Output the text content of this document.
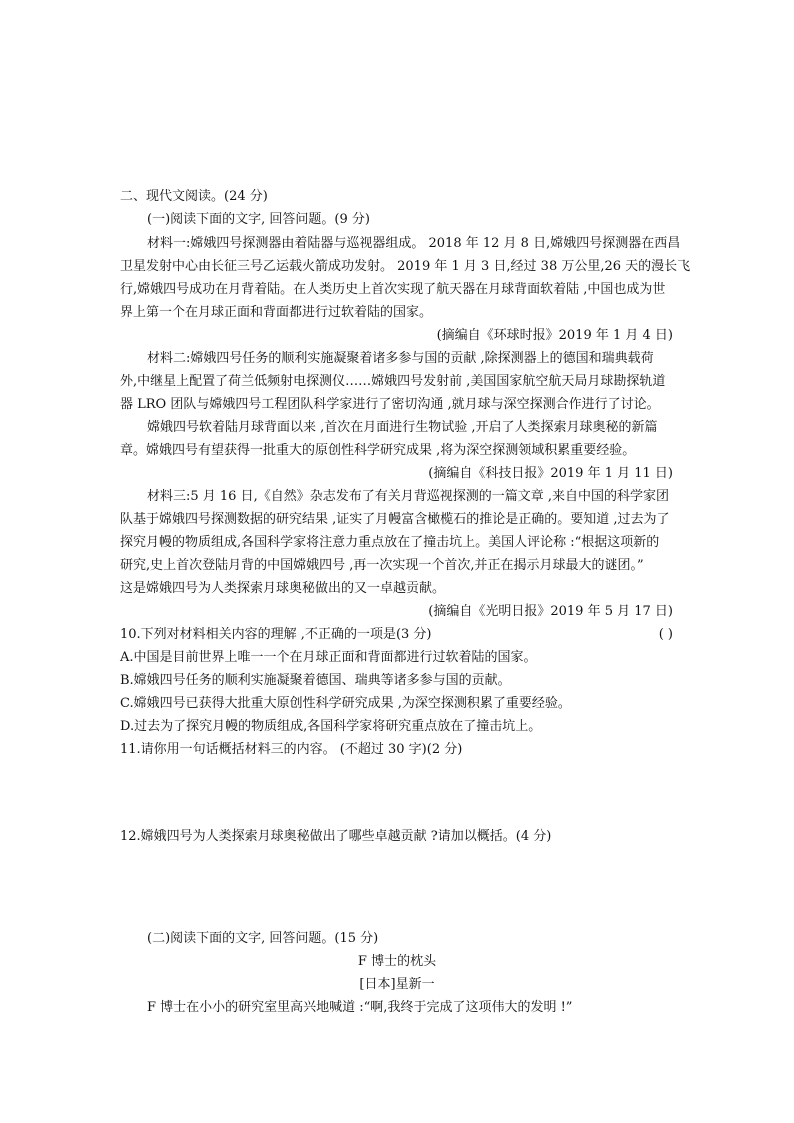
二、现代文阅读。(24 分)
(一)阅读下面的文字, 回答问题。(9 分)
材料一:嫦娥四号探测器由着陆器与巡视器组成。 2018 年 12 月 8 日,嫦娥四号探测器在西昌
卫星发射中心由长征三号乙运载火箭成功发射。 2019 年 1 月 3 日,经过 38 万公里,26 天的漫长飞
行,嫦娥四号成功在月背着陆。在人类历史上首次实现了航天器在月球背面软着陆 ,中国也成为世
界上第一个在月球正面和背面都进行过软着陆的国家。
(摘编自《环球时报》2019 年 1 月 4 日)
材料二:嫦娥四号任务的顺利实施凝聚着诸多参与国的贡献 ,除探测器上的德国和瑞典载荷
外,中继星上配置了荷兰低频射电探测仪……嫦娥四号发射前 ,美国国家航空航天局月球勘探轨道
器 LRO 团队与嫦娥四号工程团队科学家进行了密切沟通 ,就月球与深空探测合作进行了讨论。
嫦娥四号软着陆月球背面以来 ,首次在月面进行生物试验 ,开启了人类探索月球奥秘的新篇
章。嫦娥四号有望获得一批重大的原创性科学研究成果 ,将为深空探测领域积累重要经验。
(摘编自《科技日报》2019 年 1 月 11 日)
材料三:5 月 16 日,《自然》杂志发布了有关月背巡视探测的一篇文章 ,来自中国的科学家团
队基于嫦娥四号探测数据的研究结果 ,证实了月幔富含橄榄石的推论是正确的。要知道 ,过去为了
探究月幔的物质组成,各国科学家将注意力重点放在了撞击坑上。美国人评论称 :“根据这项新的
研究,史上首次登陆月背的中国嫦娥四号 ,再一次实现一个首次,并正在揭示月球最大的谜团。”
这是嫦娥四号为人类探索月球奥秘做出的又一卓越贡献。
(摘编自《光明日报》2019 年 5 月 17 日)
10.下列对材料相关内容的理解 ,不正确的一项是(3 分)	( )
A.中国是目前世界上唯一一个在月球正面和背面都进行过软着陆的国家。
B.嫦娥四号任务的顺利实施凝聚着德国、瑞典等诸多参与国的贡献。
C.嫦娥四号已获得大批重大原创性科学研究成果 ,为深空探测积累了重要经验。
D.过去为了探究月幔的物质组成,各国科学家将研究重点放在了撞击坑上。
11.请你用一句话概括材料三的内容。 (不超过 30 字)(2 分)
12.嫦娥四号为人类探索月球奥秘做出了哪些卓越贡献 ?请加以概括。(4 分)
(二)阅读下面的文字, 回答问题。(15 分)
F 博士的枕头
[日本]星新一
F 博士在小小的研究室里高兴地喊道 :“啊,我终于完成了这项伟大的发明 !”
